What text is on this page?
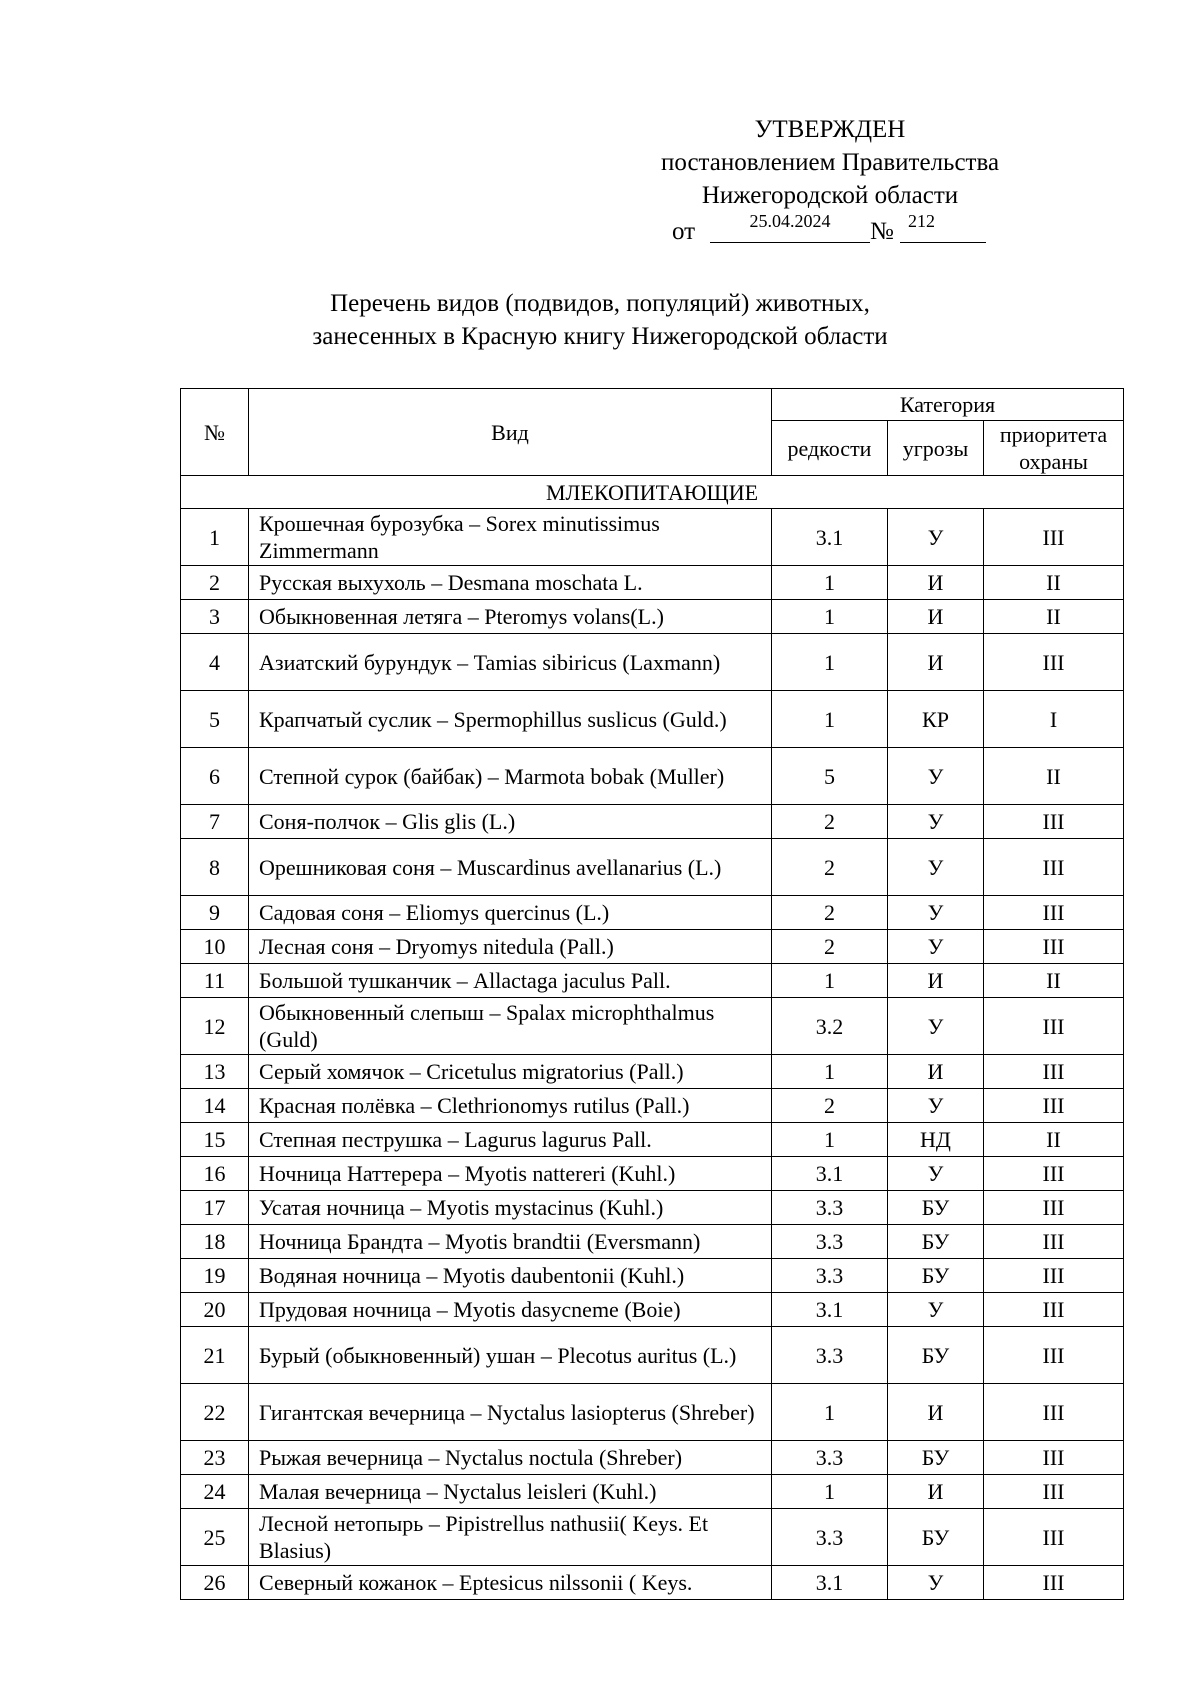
УТВЕРЖДЕН
постановлением Правительства
Нижегородской области
от	25.04.2024	№ 212
Перечень видов (подвидов, популяций) животных,
занесенных в Красную книгу Нижегородской области
№	Вид	Категория		
		редкости	угрозы	приоритета охраны
МЛЕКОПИТАЮЩИЕ				
1	Крошечная бурозубка – Sorex minutissimus Zimmermann	3.1	У	III
2	Русская выхухоль – Desmana moschata L.	1	И	II
3	Обыкновенная летяга – Pteromys volans(L.)	1	И	II
4	Азиатский бурундук – Tamias sibiricus (Laxmann)	1	И	III
5	Крапчатый суслик – Spermophillus suslicus (Guld.)	1	КР	I
6	Степной сурок (байбак) – Marmota bobak (Muller)	5	У	II
7	Соня-полчок – Glis glis (L.)	2	У	III
8	Орешниковая соня – Muscardinus avellanarius (L.)	2	У	III
9	Садовая соня – Eliomys quercinus (L.)	2	У	III
10	Лесная соня – Dryomys nitedula (Pall.)	2	У	III
11	Большой тушканчик – Allactaga jaculus Pall.	1	И	II
12	Обыкновенный слепыш – Spalax microphthalmus (Guld)	3.2	У	III
13	Серый хомячок – Cricetulus migratorius (Pall.)	1	И	III
14	Красная полёвка – Clethrionomys rutilus (Pall.)	2	У	III
15	Степная пеструшка – Lagurus lagurus Pall.	1	НД	II
16	Ночница Наттерера – Myotis nattereri (Kuhl.)	3.1	У	III
17	Усатая ночница – Myotis mystacinus (Kuhl.)	3.3	БУ	III
18	Ночница Брандта – Myotis brandtii (Eversmann)	3.3	БУ	III
19	Водяная ночница – Myotis daubentonii (Kuhl.)	3.3	БУ	III
20	Прудовая ночница – Myotis dasycneme (Boie)	3.1	У	III
21	Бурый (обыкновенный) ушан – Plecotus auritus (L.)	3.3	БУ	III
22	Гигантская вечерница – Nyctalus lasiopterus (Shreber)	1	И	III
23	Рыжая вечерница – Nyctalus noctula (Shreber)	3.3	БУ	III
24	Малая вечерница – Nyctalus leisleri (Kuhl.)	1	И	III
25	Лесной нетопырь – Pipistrellus nathusii( Keys. Et Blasius)	3.3	БУ	III
26	Северный кожанок – Eptesicus nilssonii ( Keys.	3.1	У	III
